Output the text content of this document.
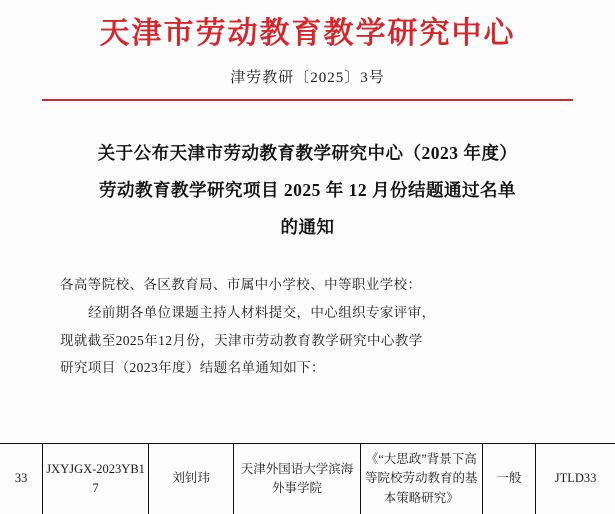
天津市劳动教育教学研究中心
津劳教研〔2025〕3号
关于公布天津市劳动教育教学研究中心（2023 年度）
劳动教育教学研究项目 2025 年 12 月份结题通过名单
的通知
各高等院校、各区教育局、市属中小学校、中等职业学校：
经前期各单位课题主持人材料提交，中心组织专家评审，
现就截至2025年12月份，天津市劳动教育教学研究中心教学
研究项目（2023年度）结题名单通知如下：
33	JXYJGX-2023YB17	刘钊玮	天津外国语大学滨海外事学院	《“大思政”背景下高等院校劳动教育的基本策略研究》	一般	JTLD33
